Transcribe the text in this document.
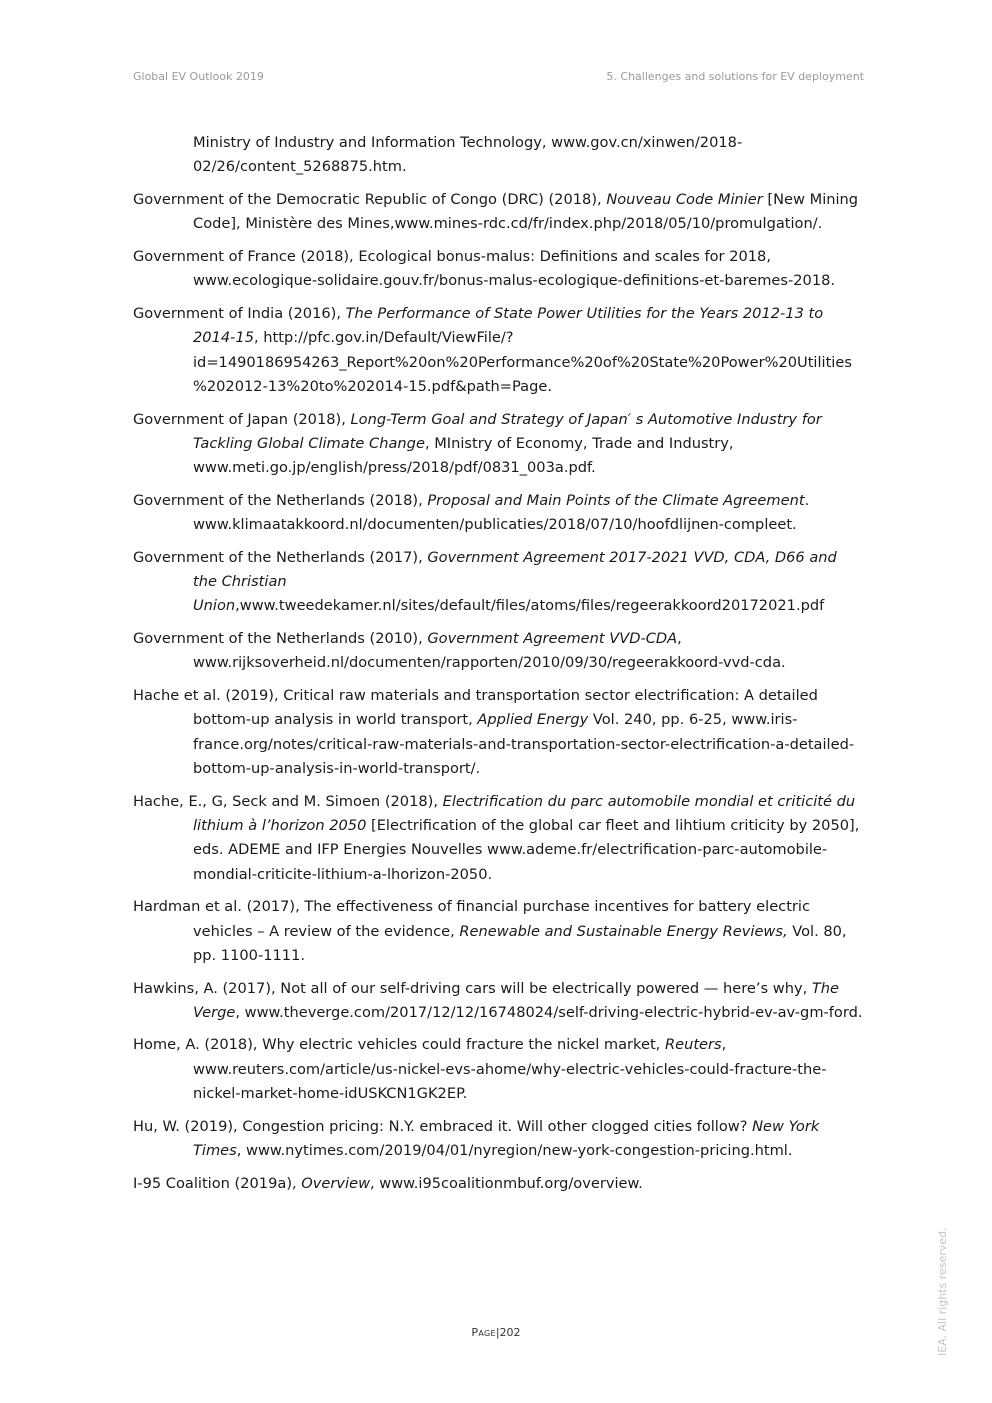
Global EV Outlook 2019	5. Challenges and solutions for EV deployment

Ministry of Industry and Information Technology, www.gov.cn/xinwen/2018-02/26/content_5268875.htm.

Government of the Democratic Republic of Congo (DRC) (2018), Nouveau Code Minier [New Mining Code], Ministère des Mines,www.mines-rdc.cd/fr/index.php/2018/05/10/promulgation/.

Government of France (2018), Ecological bonus-malus: Definitions and scales for 2018, www.ecologique-solidaire.gouv.fr/bonus-malus-ecologique-definitions-et-baremes-2018.

Government of India (2016), The Performance of State Power Utilities for the Years 2012-13 to 2014-15, http://pfc.gov.in/Default/ViewFile/?id=1490186954263_Report%20on%20Performance%20of%20State%20Power%20Utilities%202012-13%20to%202014-15.pdf&path=Page.

Government of Japan (2018), Long-Term Goal and Strategy of Japan′ s Automotive Industry for Tackling Global Climate Change, MInistry of Economy, Trade and Industry, www.meti.go.jp/english/press/2018/pdf/0831_003a.pdf.

Government of the Netherlands (2018), Proposal and Main Points of the Climate Agreement. www.klimaatakkoord.nl/documenten/publicaties/2018/07/10/hoofdlijnen-compleet.

Government of the Netherlands (2017), Government Agreement 2017-2021 VVD, CDA, D66 and the Christian Union,www.tweedekamer.nl/sites/default/files/atoms/files/regeerakkoord20172021.pdf

Government of the Netherlands (2010), Government Agreement VVD-CDA, www.rijksoverheid.nl/documenten/rapporten/2010/09/30/regeerakkoord-vvd-cda.

Hache et al. (2019), Critical raw materials and transportation sector electrification: A detailed bottom-up analysis in world transport, Applied Energy Vol. 240, pp. 6-25, www.iris-france.org/notes/critical-raw-materials-and-transportation-sector-electrification-a-detailed-bottom-up-analysis-in-world-transport/.

Hache, E., G, Seck and M. Simoen (2018), Electrification du parc automobile mondial et criticité du lithium à l’horizon 2050 [Electrification of the global car fleet and lihtium criticity by 2050], eds. ADEME and IFP Energies Nouvelles www.ademe.fr/electrification-parc-automobile-mondial-criticite-lithium-a-lhorizon-2050.

Hardman et al. (2017), The effectiveness of financial purchase incentives for battery electric vehicles – A review of the evidence, Renewable and Sustainable Energy Reviews, Vol. 80, pp. 1100-1111.

Hawkins, A. (2017), Not all of our self-driving cars will be electrically powered — here’s why, The Verge, www.theverge.com/2017/12/12/16748024/self-driving-electric-hybrid-ev-av-gm-ford.

Home, A. (2018), Why electric vehicles could fracture the nickel market, Reuters, www.reuters.com/article/us-nickel-evs-ahome/why-electric-vehicles-could-fracture-the-nickel-market-home-idUSKCN1GK2EP.

Hu, W. (2019), Congestion pricing: N.Y. embraced it. Will other clogged cities follow? New York Times, www.nytimes.com/2019/04/01/nyregion/new-york-congestion-pricing.html.

I-95 Coalition (2019a), Overview, www.i95coalitionmbuf.org/overview.

Page|202	IEA. All rights reserved.
